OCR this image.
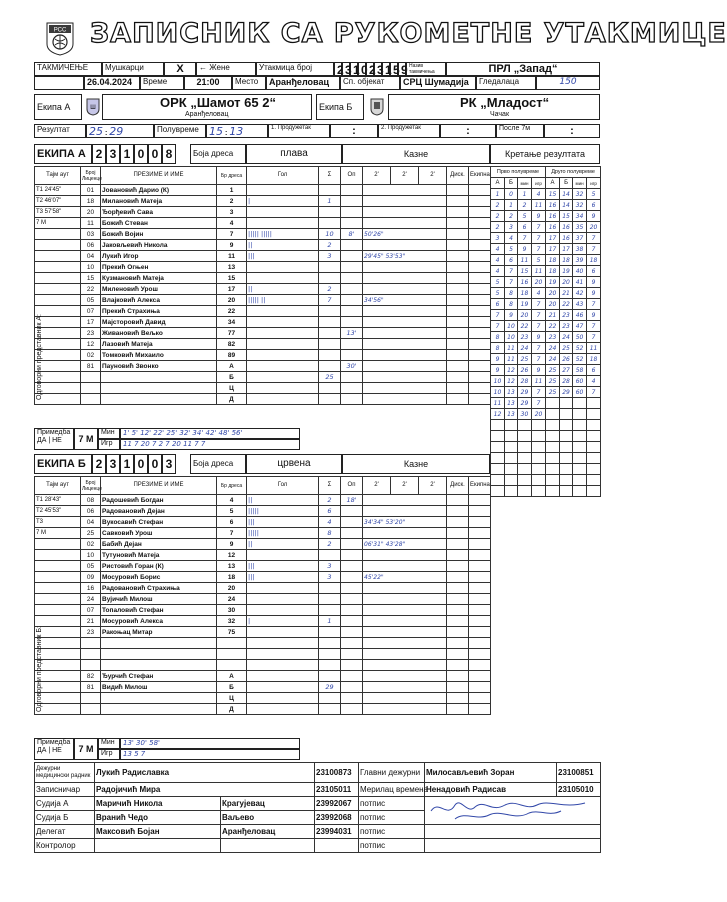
РСС ЗАПИСНИК СА РУКОМЕТНЕ УТАКМИЦЕ
ТАКМИЧЕЊЕ	Мушкарци	X	← Жене	Утакмица број	2 3 1 0 2 3 1 5 9 Назив такмичења	ПРЛ „Запад“
26.04.2024	Време	21:00	Место	Аранђеловац	Сп. објекат	СРЦ Шумадија	Гледалаца	150
Екипа А	Ш	ОРК „Шамот 65 2“
Аранђеловац
Екипа Б	РК „Младост“
Чачак
Резултат	25 : 29	Полувреме 15 : 13	1. Продужетак	:	2. Продужетак	:	После 7м	:
ЕКИПА А 2 3 1 0 0 8	Боја дреса	плава	Казне	Кретање резултата
Тајм аут	Број Лиценце	ПРЕЗИМЕ И ИМЕ	Бр дреса	Гол	Σ	Оп	2'	2'	2'	Диск.	Екипна
T1 24'45"	01	Јовановић Дарио (К)	1								
T2 46'07"	18	Милановић Матеја	2	|	1						
T3 57'58"	20	Ђорђевић Сава	3								
7 M	11	Божић Стеван	4								
	03	Божић Војин	7	||||| |||||	10	8'	50'26"				
	06	Јаковљевић Никола	9	||	2						
	04	Лукић Игор	11	|||	3		29'45" 53'53"				
	10	Прекић Огњен	13								
	15	Кузмановић Матеја	15								
	22	Миленовић Урош	17	||	2						
	05	Влајковић Алекса	20	||||| ||	7		34'56"				
	07	Прекић Страхиња	22								
	17	Мајсторовић Давид	34								
	23	Живановић Вељко	77			13'					
	12	Лазовић Матеја	82								
	02	Томковић Михаило	89								
	81	Пауновић Звонко	А			30'					
			Б		25						
			Ц								
			Д								
Прво полувреме				Друго полувреме			
А	Б	мин	игр	А	Б	мин	игр
1	0	1	4	15	14	32	5
2	1	2	11	16	14	32	6
2	2	5	9	16	15	34	9
2	3	6	7	16	16	35	20
3	4	7	7	17	16	37	7
4	5	9	7	17	17	38	7
4	6	11	5	18	18	39	18
4	7	15	11	18	19	40	6
5	7	16	20	19	20	41	9
5	8	18	4	20	21	42	9
6	8	19	7	20	22	43	7
7	9	20	7	21	23	46	9
7	10	22	7	22	23	47	7
8	10	23	9	23	24	50	7
8	11	24	7	24	25	52	11
9	11	25	7	24	26	52	18
9	12	26	9	25	27	58	6
10	12	28	11	25	28	60	4
10	13	29	7	25	29	60	7
11	13	29	7				
12	13	30	20				

Одговорни представник А:
Примедба
ДА | НЕ	7 M
Мин
Игр
1' 5' 12' 22' 25' 32' 34' 42' 48' 56'
11 7 20 7 2 7 20 11 7 7
ЕКИПА Б 2 3 1 0 0 3	Боја дреса	црвена	Казне
Тајм аут	Број Лиценце	ПРЕЗИМЕ И ИМЕ	Бр дреса	Гол	Σ	Оп	2'	2'	2'	Диск.	Екипна
T1 28'43"	08	Радошевић Богдан	4	||	2	18'					
T2 45'53"	06	Радовановић Дејан	5	|||||	6						
T3	04	Вукосавић Стефан	6	|||	4		34'34" 53'20"				
7 M	25	Савковић Урош	7	|||||	8						
	02	Бабић Дејан	9	||	2		06'31" 43'28"				
	10	Тутуновић Матеја	12								
	05	Ристовић Горан (К)	13	|||	3						
	09	Мосуровић Борис	18	|||	3		45'22"				
	16	Радовановић Страхиња	20								
	24	Вујичић Милош	24								
	07	Топаловић Стефан	30								
	21	Мосуровић Алекса	32	|	1						
	23	Ракоњац Митар	75								

	82	Ђурчић Стефан	А								
	81	Видић Милош	Б		29						
			Ц								
			Д								
Одговорни представник Б:
Примедба
ДА | НЕ	7 M
Мин
Игр
13' 30' 58'
13 5 7
Дежурни медицински радник	Лукић Радиславка		23100873	Главни дежурни	Милосављевић Зоран	23100851
Записничар	Радојичић Мира		23105011	Мерилац времена	Ненадовић Радисав	23105010
Судија А	Маричић Никола	Крагујевац	23992067	потпис	

Судија Б	Вранић Чедо	Ваљево	23992068	потпис		
Делегат	Максовић Бојан	Аранђеловац	23994031	потпис		
Контролор				потпис		
